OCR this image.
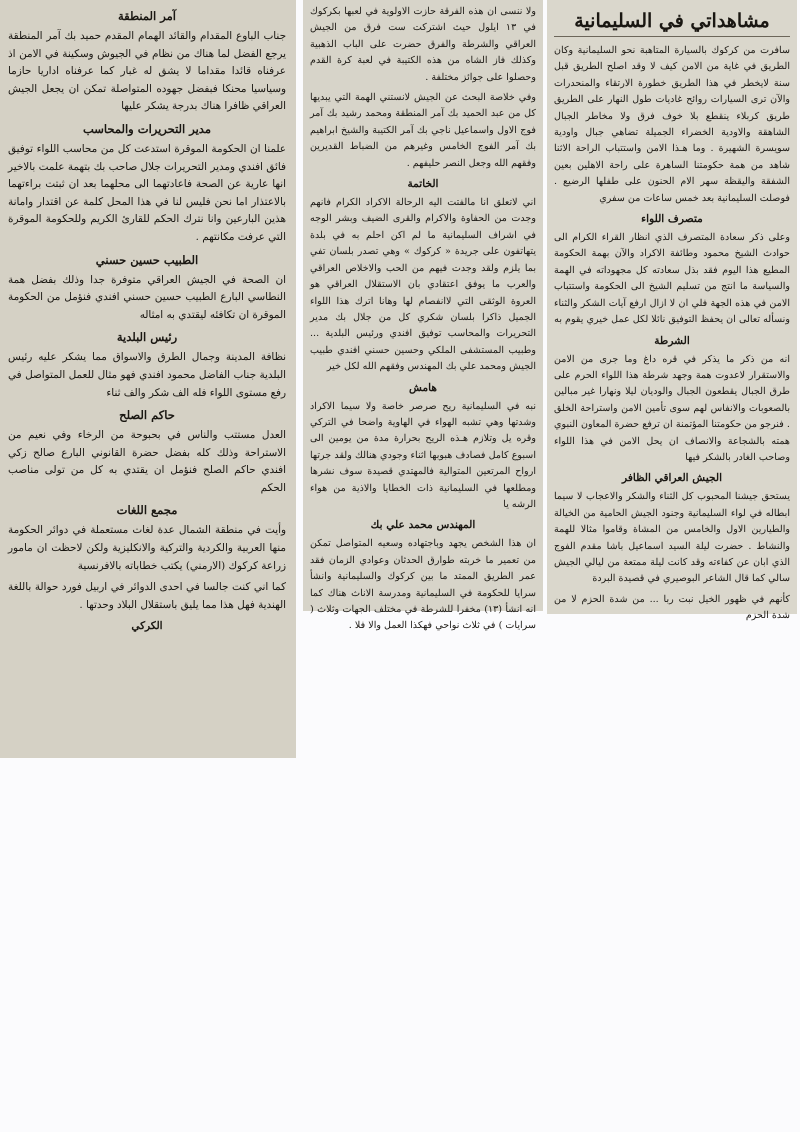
آمر المنطقة

جناب الباوع المقدام والقائد الهمام المقدم حميد بك آمر المنطقة يرجع الفضل لما هناك من نظام في الجيوش وسكينة في الامن اذ عرفناه قائدا مقداما لا يشق له غبار كما عرفناه اداريا حازما وسياسيا محنكا فبفضل جهوده المتواصلة تمكن ان يجعل الجيش العراقي ظافرا هناك بدرجة يشكر عليها

مدير التحريرات والمحاسب

علمنا ان الحكومة الموقرة استدعت كل من محاسب اللواء توفيق فائق افندي ومدير التحريرات جلال صاحب بك بتهمة علمت بالاخير انها عارية عن الصحة فاعادتهما الى محلهما بعد ان ثبتت براءتهما بالاعتذار اما نحن فليس لنا في هذا المحل كلمة عن اقتدار وامانة هذين البارعين وانا نترك الحكم للقارئ الكريم وللحكومة الموقرة التي عرفت مكانتهم .

الطبيب حسين حسني

ان الصحة في الجيش العراقي متوفرة جدا وذلك بفضل همة النطاسي البارع الطبيب حسين حسني افندي فنؤمل من الحكومة الموقرة ان تكافئه ليقتدي به امثاله

رئيس البلدية

نظافة المدينة وجمال الطرق والاسواق مما يشكر عليه رئيس البلدية جناب الفاضل محمود افندي فهو مثال للعمل المتواصل في رفع مستوى اللواء فله الف شكر والف ثناء

حاكم الصلح

العدل مستتب والناس في بحبوحة من الرخاء وفي نعيم من الاستراحة وذلك كله بفضل حضرة القانوني البارع صالح زكي افندي حاكم الصلح فنؤمل ان يقتدي به كل من تولى مناصب الحكم

مجمع اللغات

وأيت في منطقة الشمال عدة لغات مستعملة في دوائر الحكومة منها العربية والكردية والتركية والانكليزية ولكن لاحظت ان مامور زراعة كركوك (الارمني) يكتب خطاباته بالافرنسية

كما اني كنت جالسا في احدى الدوائر في اربيل فورد حوالة باللغة الهندية فهل هذا مما يليق باستقلال البلاد وحدتها .

الكركي

ولا ننسى ان هذه الفرقة حازت الاولوية في لعبها بكركوك في ١٣ ايلول حيث اشتركت ست فرق من الجيش العراقي والشرطة والفرق حضرت على الباب الذهبية وكذلك فاز الشاه من هذه الكتيبة في لعبة كرة القدم وحصلوا على جوائز مختلفة .

وفي خلاصة البحث عن الجيش لانستني الهمة التي يبديها كل من عبد الحميد بك آمر المنطقة ومحمد رشيد بك آمر فوج الاول واسماعيل ناجي بك آمر الكتيبة والشيخ ابراهيم بك آمر الفوج الخامس وغيرهم من الضباط القديرين وفقهم الله وجعل النصر حليفهم .

الخاتمة

اني لاتعلق انا مالفتت اليه الرحالة الاكراد الكرام فانهم وجدت من الحفاوة والاكرام والقرى الضيف وبشر الوجه في اشراف السليمانية ما لم اكن احلم به في بلدة يتهاتفون على جريدة « كركوك » وهي تصدر بلسان تفي بما يلزم ولقد وجدت فيهم من الحب والاخلاص العراقي والعرب ما يوفق اعتقادي بان الاستقلال العراقي هو العروة الوثقى التي لاانفصام لها وهانا اترك هذا اللواء الجميل ذاكرا بلسان شكري كل من جلال بك مدير التحريرات والمحاسب توفيق افندي ورئيس البلدية ... وطبيب المستشفى الملكي وحسين حسني افندي طبيب الجيش ومحمد علي بك المهندس وفقهم الله لكل خير

هامش

نبه في السليمانية ريح صرصر خاصة ولا سيما الاكراد وشدتها وهي تشبه الهواء في الهاوية واضحا في التركي وقره يل وتلازم هـذه الريح بحرارة مدة من يومين الى اسبوع كامل فصادف هبوبها اثناء وجودي هنالك ولقد جرتها ارواح المرتعين المتوالية فالمهتدي قصيدة سوف نشرها ومطلعها في السليمانية ذات الخطايا والاذية من هواء الرشه يا

المهندس محمد علي بك

ان هذا الشخص يجهد وباجتهاده وسعيه المتواصل تمكن من تعمير ما خربته طوارق الحدثان وعوادي الزمان فقد عمر الطريق الممتد ما بين كركوك والسليمانية وانشأ سرايا للحكومة في السليمانية ومدرسة الاناث هناك كما انه انشأ (١٣) مخفرا للشرطة في مختلف الجهات وثلاث ( سرايات ) في ثلاث نواحي فهكذا العمل والا فلا .

مشاهداتي في السليمانية

سافرت من كركوك بالسيارة المتاهبة نحو السليمانية وكان الطريق في غاية من الامن كيف لا وقد اصلح الطريق قبل سنة لايخطر في هذا الطريق خطورة الارتقاء والمنحدرات والآن ترى السيارات روائح غاديات طول النهار على الطريق طريق كربلاء ينقطع بلا خوف فرق ولا مخاطر الجبال الشاهقة والاودية الخضراء الجميلة تضاهي جبال واودية سويسرة الشهيرة . وما هـذا الامن واستتباب الراحة الاثنا شاهد من همة حكومتنا الساهرة على راحة الاهلين بعين الشفقة واليقظة سهر الام الحنون على طفلها الرضيع . فوصلت السليمانية بعد خمس ساعات من سفري

متصرف اللواء

وعلى ذكر سعادة المتصرف الذي انظار القراء الكرام الى حوادث الشيخ محمود وطائفة الاكراد والآن بهمة الحكومة المطيع هذا اليوم فقد بذل سعادته كل مجهوداته في الهمة والسياسة ما انتج من تسليم الشيخ الى الحكومة واستتباب الامن في هذه الجهة فلي ان لا ازال ارفع آيات الشكر والثناء ونسأله تعالى ان يحفظ التوفيق نائلا لكل عمل خيري يقوم به

الشرطة

انه من ذكر ما يذكر في قره داغ وما جرى من الامن والاستقرار لاعدوت همة وجهد شرطة هذا اللواء الحرم على طرق الجبال يقطعون الجبال والوديان ليلا ونهارا غير مبالين بالصعوبات والانفاس لهم سوى تأمين الامن واستراحة الخلق . فنرجو من حكومتنا المؤتمنة ان ترفع حضرة المعاون النبوي همته بالشجاعة والانصاف ان يحل الامن في هذا اللواء وصاحب الغادر بالشكر فيها

الجيش العراقي الظافر

يستحق جيشنا المحبوب كل الثناء والشكر والاعجاب لا سيما ابطاله في لواء السليمانية وجنود الجيش الحامية من الخيالة والطيارين الاول والخامس من المشاة وقاموا مثالا للهمة والنشاط . حضرت ليلة السيد اسماعيل باشا مقدم الفوج الذي ابان عن كفاءته وقد كانت ليلة ممتعة من ليالي الجيش سالي كما قال الشاعر البوصيري في قصيدة البردة

كأنهم في ظهور الخيل نبت ربا ... من شدة الحزم لا من شدة الحزم
